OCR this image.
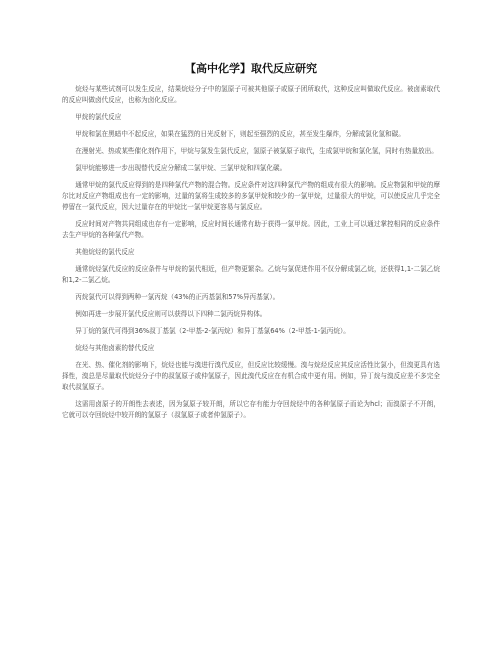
【高中化学】取代反应研究

烷烃与某些试剂可以发生反应，结果烷烃分子中的氢原子可被其他原子或原子团所取代，这种反应叫做取代反应。被卤素取代的反应叫做卤代反应，也称为卤化反应。

甲烷的氯代反应

甲烷和氯在黑暗中不起反应，如果在猛烈的日光反射下，则起至强烈的反应，甚至发生爆炸，分解成氯化氢和碳。

在漫射光、热或某些催化剂作用下，甲烷与氯发生氯代反应，氢原子被氯原子取代，生成氯甲烷和氯化氢，同时有热量放出。

氯甲烷能够进一步出现替代反应分解成二氯甲烷、三氯甲烷和四氯化碳。

通常甲烷的氯代反应得到的是四种氯代产物的混合物。反应条件对这四种氯代产物的组成有很大的影响。反应物氯和甲烷的摩尔比对反应产物组成也有一定的影响，过量的氯将生成较多的多氯甲烷和较少的一氯甲烷，过量很大的甲烷，可以使反应几乎完全停留在一氯代反应，因大过量存在的甲烷比一氯甲烷更容易与氯反应。

反应时间对产物共同组成也存有一定影响，反应时间长通常有助于获得一氯甲烷。因此，工业上可以通过掌控相同的反应条件去生产甲烷的各种氯代产物。

其他烷烃的氯代反应

通常烷烃氯代反应的反应条件与甲烷的氯代相近，但产物更繁杂。乙烷与氯促进作用不仅分解成氯乙烷，还获得1,1-二氯乙烷和1,2-二氯乙烷。

丙烷氯代可以得到两种一氯丙烷（43%的正丙基氯和57%异丙基氯）。

例如再进一步展开氯代反应则可以获得以下四种二氯丙烷异构体。

异丁烷的氯代可得到36%叔丁基氯（2-甲基-2-氯丙烷）和异丁基氯64%（2-甲基-1-氯丙烷）。

烷烃与其他卤素的替代反应

在光、热、催化剂的影响下，烷烃也能与溴进行溴代反应，但反应比较缓慢。溴与烷烃反应其反应活性比氯小，但溴更具有选择性，溴总是尽量取代烷烃分子中的叔氢原子或仲氢原子，因此溴代反应在有机合成中更有用。例如，异丁烷与溴反应差不多完全取代叔氢原子。

这需用卤原子的开朗性去表述，因为氯原子较开朗，所以它存有能力夺回烷烃中的各种氢原子而论为hcl；而溴原子不开朗，它就可以夺回烷烃中较开朗的氢原子（叔氢原子或者仲氢原子）。
